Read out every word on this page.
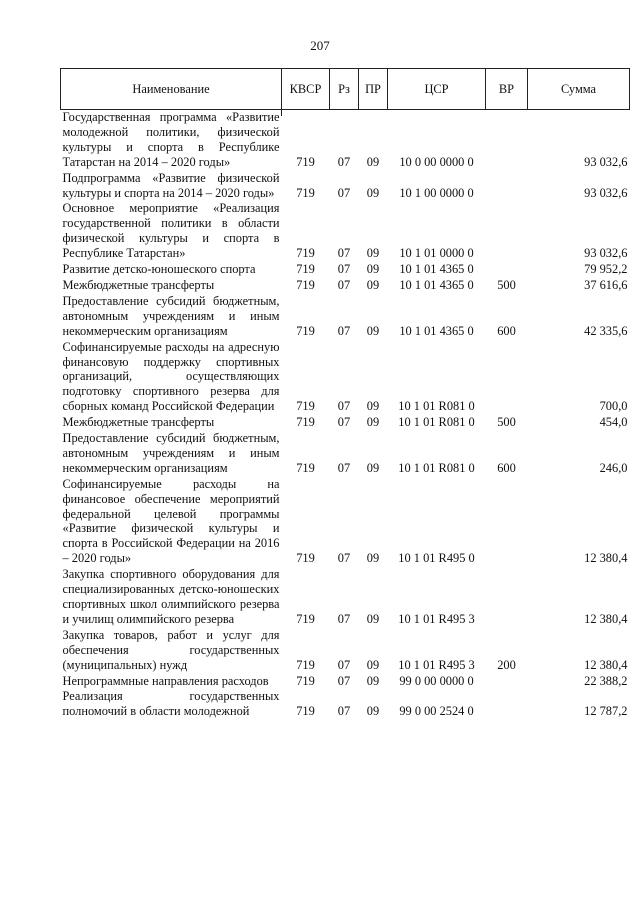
207
Наименование	КВСР	Рз	ПР	ЦСР	ВР	Сумма
Государственная программа «Развитие молодежной политики, физической культуры и спорта в Республике Татарстан на 2014 – 2020 годы»	719	07	09	10 0 00 0000 0		93 032,6
Подпрограмма «Развитие физической культуры и спорта на 2014 – 2020 годы»	719	07	09	10 1 00 0000 0		93 032,6
Основное мероприятие «Реализация государственной политики в области физической культуры и спорта в Республике Татарстан»	719	07	09	10 1 01 0000 0		93 032,6
Развитие детско-юношеского спорта	719	07	09	10 1 01 4365 0		79 952,2
Межбюджетные трансферты	719	07	09	10 1 01 4365 0	500	37 616,6
Предоставление субсидий бюджетным, автономным учреждениям и иным некоммерческим организациям	719	07	09	10 1 01 4365 0	600	42 335,6
Софинансируемые расходы на адресную финансовую поддержку спортивных организаций, осуществляющих подготовку спортивного резерва для сборных команд Российской Федерации	719	07	09	10 1 01 R081 0		700,0
Межбюджетные трансферты	719	07	09	10 1 01 R081 0	500	454,0
Предоставление субсидий бюджетным, автономным учреждениям и иным некоммерческим организациям	719	07	09	10 1 01 R081 0	600	246,0
Софинансируемые расходы на финансовое обеспечение мероприятий федеральной целевой программы «Развитие физической культуры и спорта в Российской Федерации на 2016 – 2020 годы»	719	07	09	10 1 01 R495 0		12 380,4
Закупка спортивного оборудования для специализированных детско-юношеских спортивных школ олимпийского резерва и училищ олимпийского резерва	719	07	09	10 1 01 R495 3		12 380,4
Закупка товаров, работ и услуг для обеспечения государственных (муниципальных) нужд	719	07	09	10 1 01 R495 3	200	12 380,4
Непрограммные направления расходов	719	07	09	99 0 00 0000 0		22 388,2
Реализация государственных полномочий в области молодежной	719	07	09	99 0 00 2524 0		12 787,2
